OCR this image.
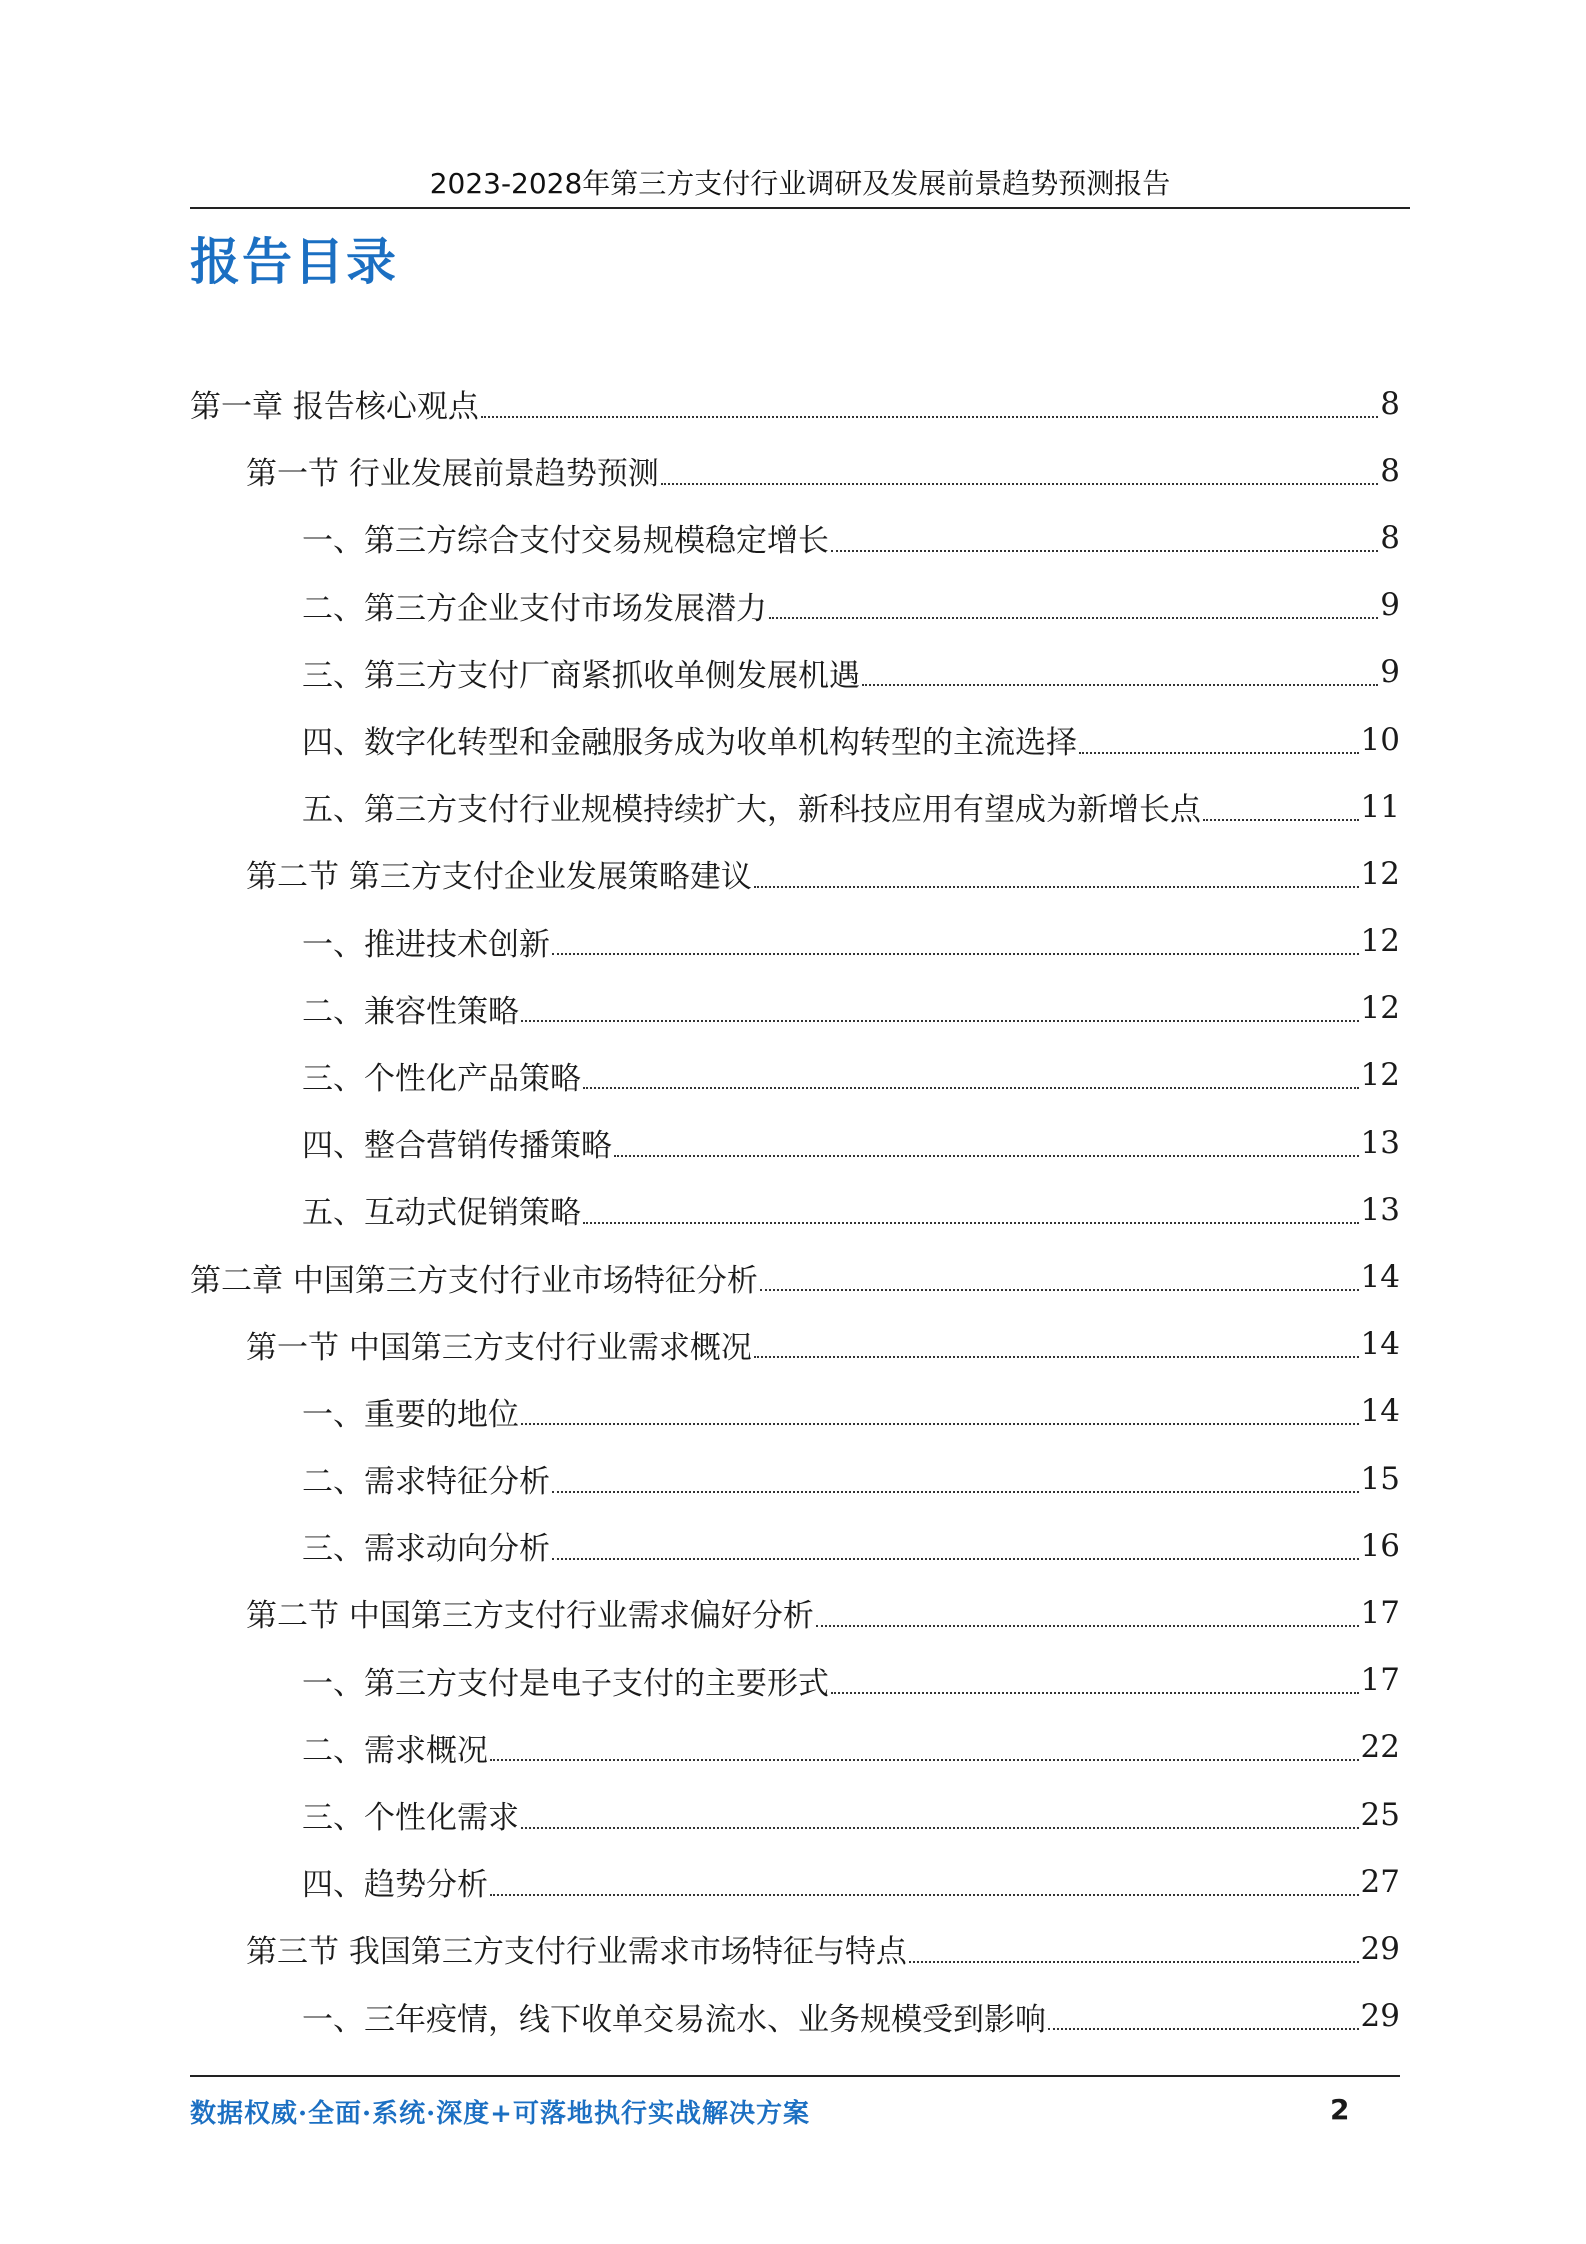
2023-2028年第三方支付行业调研及发展前景趋势预测报告
报告目录
第一章 报告核心观点	8
第一节 行业发展前景趋势预测	8
一、第三方综合支付交易规模稳定增长	8
二、第三方企业支付市场发展潜力	9
三、第三方支付厂商紧抓收单侧发展机遇	9
四、数字化转型和金融服务成为收单机构转型的主流选择	10
五、第三方支付行业规模持续扩大，新科技应用有望成为新增长点	11
第二节 第三方支付企业发展策略建议	12
一、推进技术创新	12
二、兼容性策略	12
三、个性化产品策略	12
四、整合营销传播策略	13
五、互动式促销策略	13
第二章 中国第三方支付行业市场特征分析	14
第一节 中国第三方支付行业需求概况	14
一、重要的地位	14
二、需求特征分析	15
三、需求动向分析	16
第二节 中国第三方支付行业需求偏好分析	17
一、第三方支付是电子支付的主要形式	17
二、需求概况	22
三、个性化需求	25
四、趋势分析	27
第三节 我国第三方支付行业需求市场特征与特点	29
一、三年疫情，线下收单交易流水、业务规模受到影响	29
数据权威·全面·系统·深度+可落地执行实战解决方案	2
